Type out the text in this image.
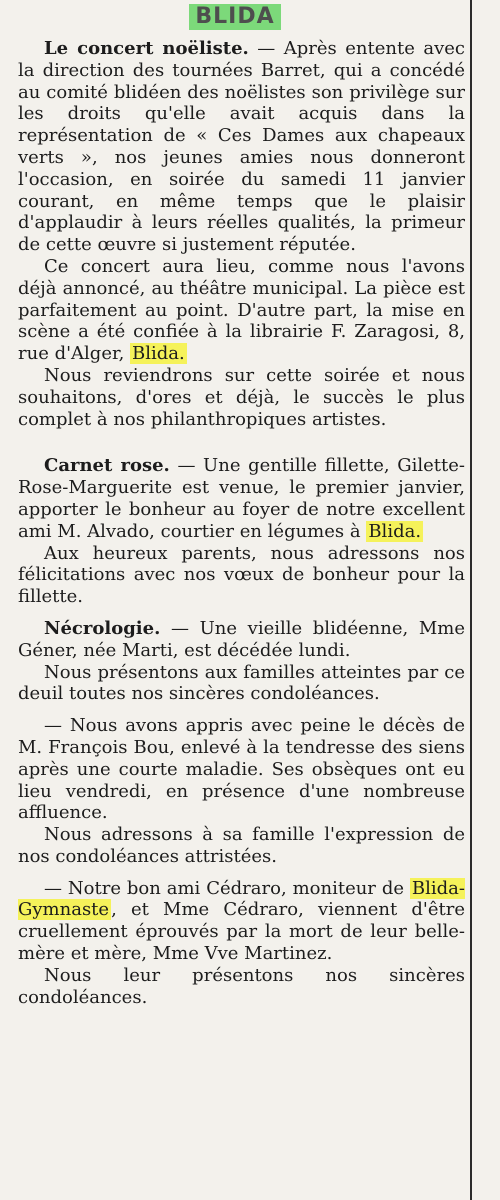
BLIDA

Le concert noëliste. — Après entente avec la direction des tournées Barret, qui a concédé au comité blidéen des noëlistes son privilège sur les droits qu'elle avait acquis dans la représentation de « Ces Dames aux chapeaux verts », nos jeunes amies nous donneront l'occasion, en soirée du samedi 11 janvier courant, en même temps que le plaisir d'applaudir à leurs réelles qualités, la primeur de cette œuvre si justement réputée.

Ce concert aura lieu, comme nous l'avons déjà annoncé, au théâtre municipal. La pièce est parfaitement au point. D'autre part, la mise en scène a été confiée à la librairie F. Zaragosi, 8, rue d'Alger, Blida.

Nous reviendrons sur cette soirée et nous souhaitons, d'ores et déjà, le succès le plus complet à nos philanthropiques artistes.

Carnet rose. — Une gentille fillette, Gilette-Rose-Marguerite est venue, le premier janvier, apporter le bonheur au foyer de notre excellent ami M. Alvado, courtier en légumes à Blida.

Aux heureux parents, nous adressons nos félicitations avec nos vœux de bonheur pour la fillette.

Nécrologie. — Une vieille blidéenne, Mme Géner, née Marti, est décédée lundi.

Nous présentons aux familles atteintes par ce deuil toutes nos sincères condoléances.

— Nous avons appris avec peine le décès de M. François Bou, enlevé à la tendresse des siens après une courte maladie. Ses obsèques ont eu lieu vendredi, en présence d'une nombreuse affluence.

Nous adressons à sa famille l'expression de nos condoléances attristées.

— Notre bon ami Cédraro, moniteur de Blida-Gymnaste , et Mme Cédraro, viennent d'être cruellement éprouvés par la mort de leur belle-mère et mère, Mme Vve Martinez.

Nous leur présentons nos sincères condoléances.
